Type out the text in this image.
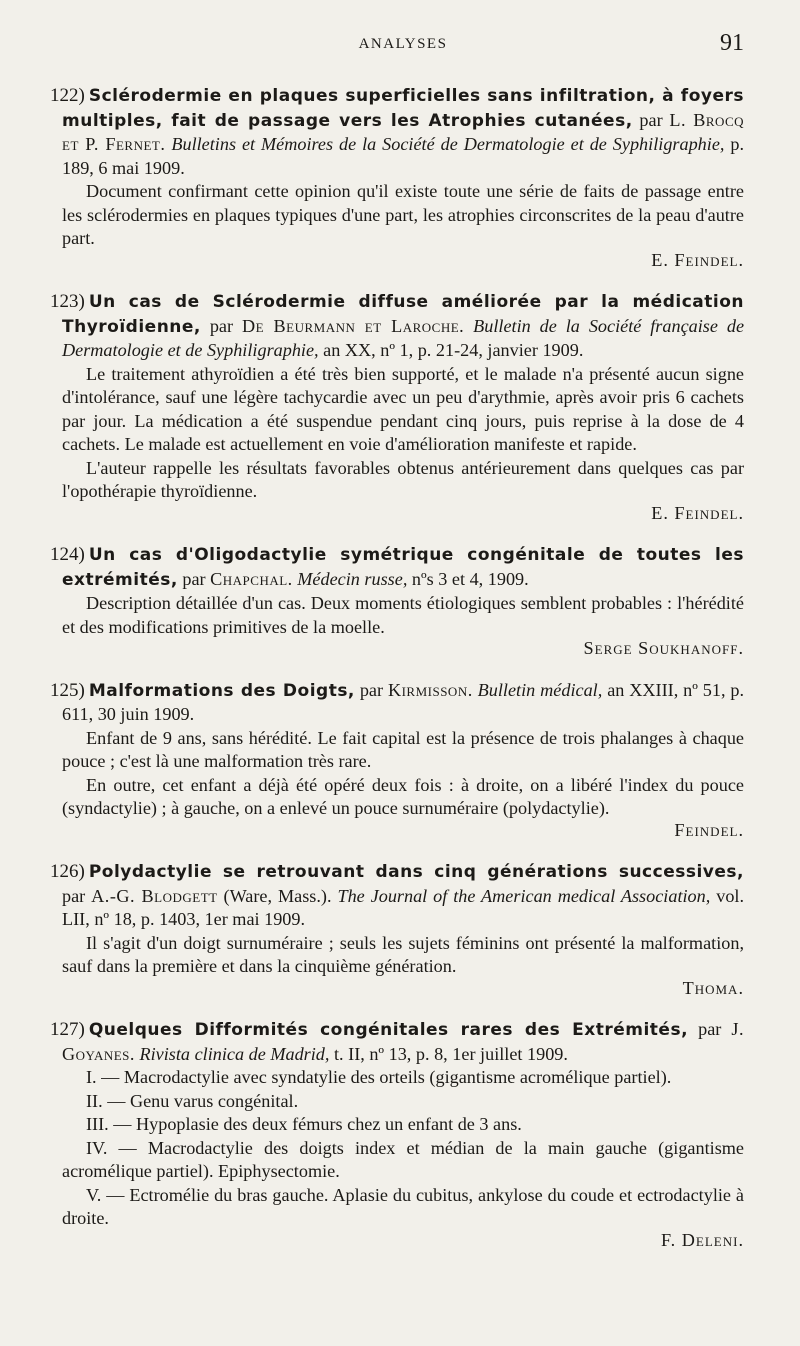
ANALYSES	91
122) Sclérodermie en plaques superficielles sans infiltration, à foyers multiples, fait de passage vers les Atrophies cutanées, par L. Brocq et P. Fernet. Bulletins et Mémoires de la Société de Dermatologie et de Syphiligraphie, p. 189, 6 mai 1909.

Document confirmant cette opinion qu'il existe toute une série de faits de passage entre les sclérodermies en plaques typiques d'une part, les atrophies circonscrites de la peau d'autre part.

E. Feindel.
123) Un cas de Sclérodermie diffuse améliorée par la médication Thyroïdienne, par De Beurmann et Laroche. Bulletin de la Société française de Dermatologie et de Syphiligraphie, an XX, nº 1, p. 21-24, janvier 1909.

Le traitement athyroïdien a été très bien supporté, et le malade n'a présenté aucun signe d'intolérance, sauf une légère tachycardie avec un peu d'arythmie, après avoir pris 6 cachets par jour. La médication a été suspendue pendant cinq jours, puis reprise à la dose de 4 cachets. Le malade est actuellement en voie d'amélioration manifeste et rapide.

L'auteur rappelle les résultats favorables obtenus antérieurement dans quelques cas par l'opothérapie thyroïdienne.

E. Feindel.
124) Un cas d'Oligodactylie symétrique congénitale de toutes les extrémités, par Chapchal. Médecin russe, nºs 3 et 4, 1909.

Description détaillée d'un cas. Deux moments étiologiques semblent probables : l'hérédité et des modifications primitives de la moelle.

Serge Soukhanoff.
125) Malformations des Doigts, par Kirmisson. Bulletin médical, an XXIII, nº 51, p. 611, 30 juin 1909.

Enfant de 9 ans, sans hérédité. Le fait capital est la présence de trois phalanges à chaque pouce ; c'est là une malformation très rare.

En outre, cet enfant a déjà été opéré deux fois : à droite, on a libéré l'index du pouce (syndactylie) ; à gauche, on a enlevé un pouce surnuméraire (polydactylie).

Feindel.
126) Polydactylie se retrouvant dans cinq générations successives, par A.-G. Blodgett (Ware, Mass.). The Journal of the American medical Association, vol. LII, nº 18, p. 1403, 1er mai 1909.

Il s'agit d'un doigt surnuméraire ; seuls les sujets féminins ont présenté la malformation, sauf dans la première et dans la cinquième génération.

Thoma.
127) Quelques Difformités congénitales rares des Extrémités, par J. Goyanes. Rivista clinica de Madrid, t. II, nº 13, p. 8, 1er juillet 1909.

I. — Macrodactylie avec syndatylie des orteils (gigantisme acromélique partiel).

II. — Genu varus congénital.

III. — Hypoplasie des deux fémurs chez un enfant de 3 ans.

IV. — Macrodactylie des doigts index et médian de la main gauche (gigantisme acromélique partiel). Epiphysectomie.

V. — Ectromélie du bras gauche. Aplasie du cubitus, ankylose du coude et ectrodactylie à droite.

F. Deleni.
